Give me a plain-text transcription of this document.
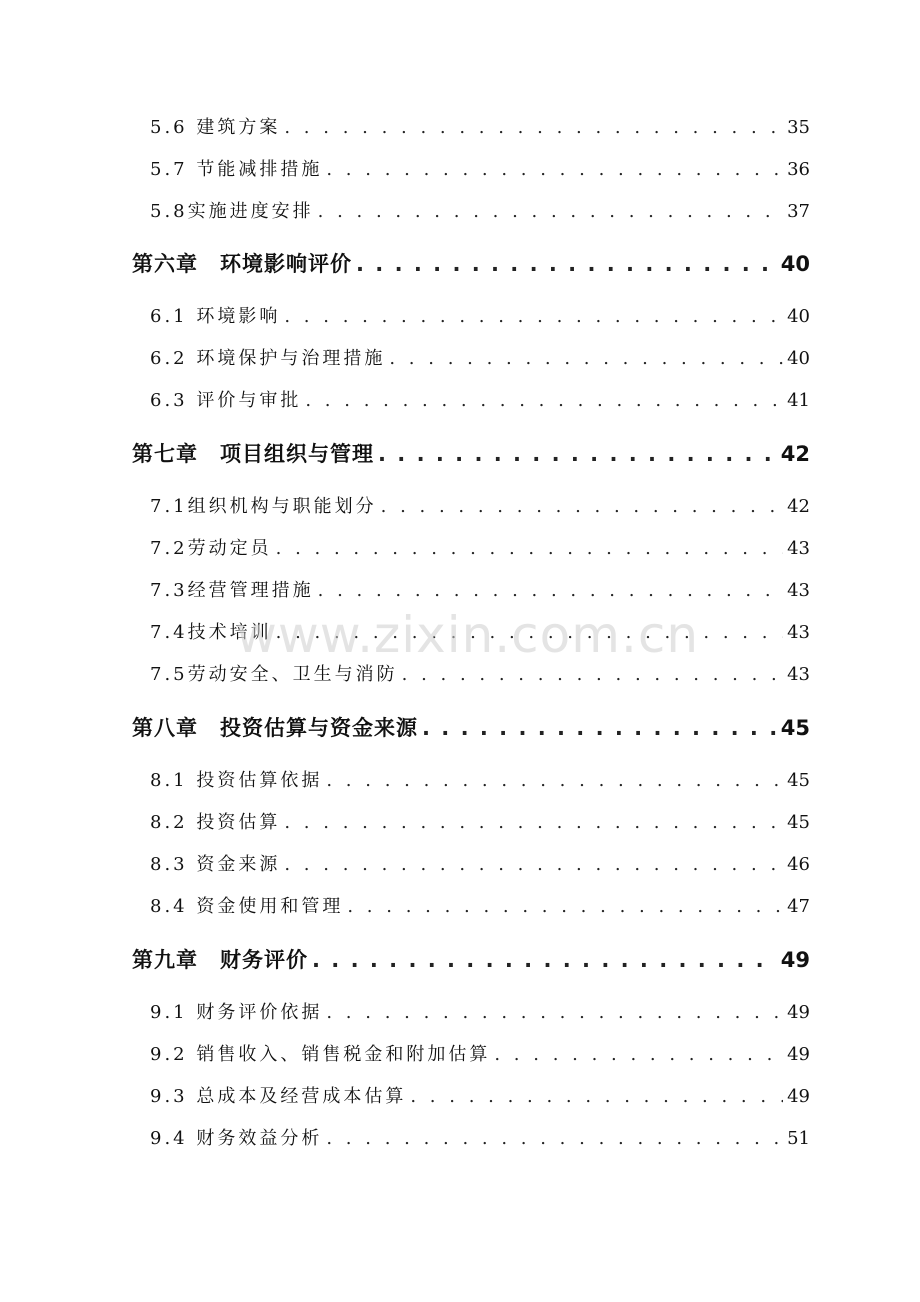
5.6 建筑方案 . . .	35
5.7 节能减排措施 . . .	36
5.8实施进度安排 . . .	37
第六章　环境影响评价 . . .	40
6.1 环境影响 . . .	40
6.2 环境保护与治理措施 . . .	40
6.3 评价与审批 . . .	41
第七章　项目组织与管理 . . .	42
7.1组织机构与职能划分 . . .	42
7.2劳动定员 . . .	43
7.3经营管理措施 . . .	43
7.4技术培训 . . .	43
7.5劳动安全、卫生与消防 . . .	43
第八章　投资估算与资金来源 . . .	45
8.1 投资估算依据 . . .	45
8.2 投资估算 . . .	45
8.3 资金来源 . . .	46
8.4 资金使用和管理 . . .	47
第九章　财务评价 . . .	49
9.1 财务评价依据 . . .	49
9.2 销售收入、销售税金和附加估算 . . .	49
9.3 总成本及经营成本估算 . . .	49
9.4 财务效益分析 . . .	51
www.zixin.com.cn
